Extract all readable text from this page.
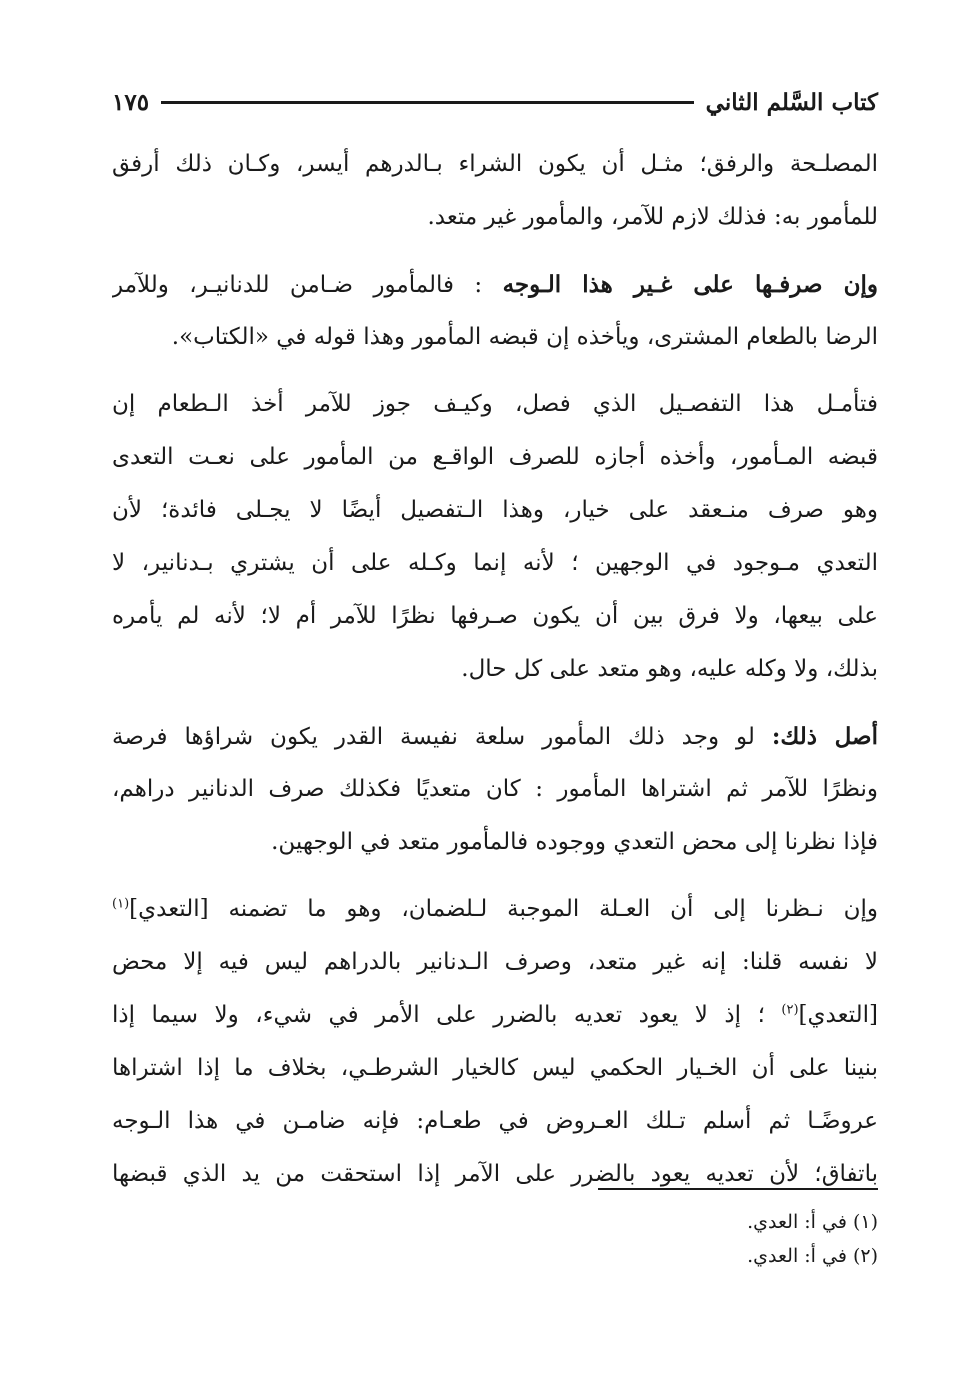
كتاب السَّلم الثاني
١٧٥
المصلـحة والرفق؛ مثـل أن يكون الشراء بـالدرهم أيسر، وكـان ذلك أرفق
للمأمور به: فذلك لازم للآمر، والمأمور غير متعد.
وإن صرفـها على غـير هذا الـوجه : فالمأمور ضـامن للدنانيـر، وللآمر
الرضا بالطعام المشترى، ويأخذه إن قبضه المأمور وهذا قوله في «الكتاب».
فتأمـل هذا التفصـيل الذي فصل، وكيـف جوز للآمر أخذ الـطعام إن
قبضه المـأمور، وأخذه أجازه للصرف الواقـع من المأمور على نعـت التعدى
وهو صرف منـعقد على خيار، وهذا الـتفصيل أيضًا لا يجـلى فائدة؛ لأن
التعدي مـوجود في الوجهين ؛ لأنه إنما وكـله على أن يشتري بـدنانير، لا
على بيعها، ولا فرق بين أن يكون صـرفها نظرًا للآمر أم لا؛ لأنه لم يأمره
بذلك، ولا وكله عليه، وهو متعد على كل حال.
أصل ذلك: لو وجد ذلك المأمور سلعة نفيسة القدر يكون شراؤها فرصة
ونظرًا للآمر ثم اشتراها المأمور : كان متعديًا فكذلك صرف الدنانير دراهم،
فإذا نظرنا إلى محض التعدي ووجوده فالمأمور متعد في الوجهين.
وإن نـظرنا إلى أن العـلة الموجبة لـلضمان، وهو ما تضمنه [التعدي]$^{(١)}$
لا نفسه قلنا: إنه غير متعد، وصرف الـدنانير بالدراهم ليس فيه إلا محض
[التعدي]$^{(٢)}$ ؛ إذ لا يعود تعديه بالضرر على الأمر في شيء، ولا سيما إذا
بنينا على أن الخـيار الحكمي ليس كالخيار الشرطـي، بخلاف ما إذا اشتراها
عروضًـا ثم أسلم تـلك العـروض في طعـام: فإنه ضامـن في هذا الـوجه
باتفاق؛ لأن تعديه يعود بالضرر على الآمر إذا استحقت من يد الذي قبضها
(١) في أ: العدي.
(٢) في أ: العدي.
